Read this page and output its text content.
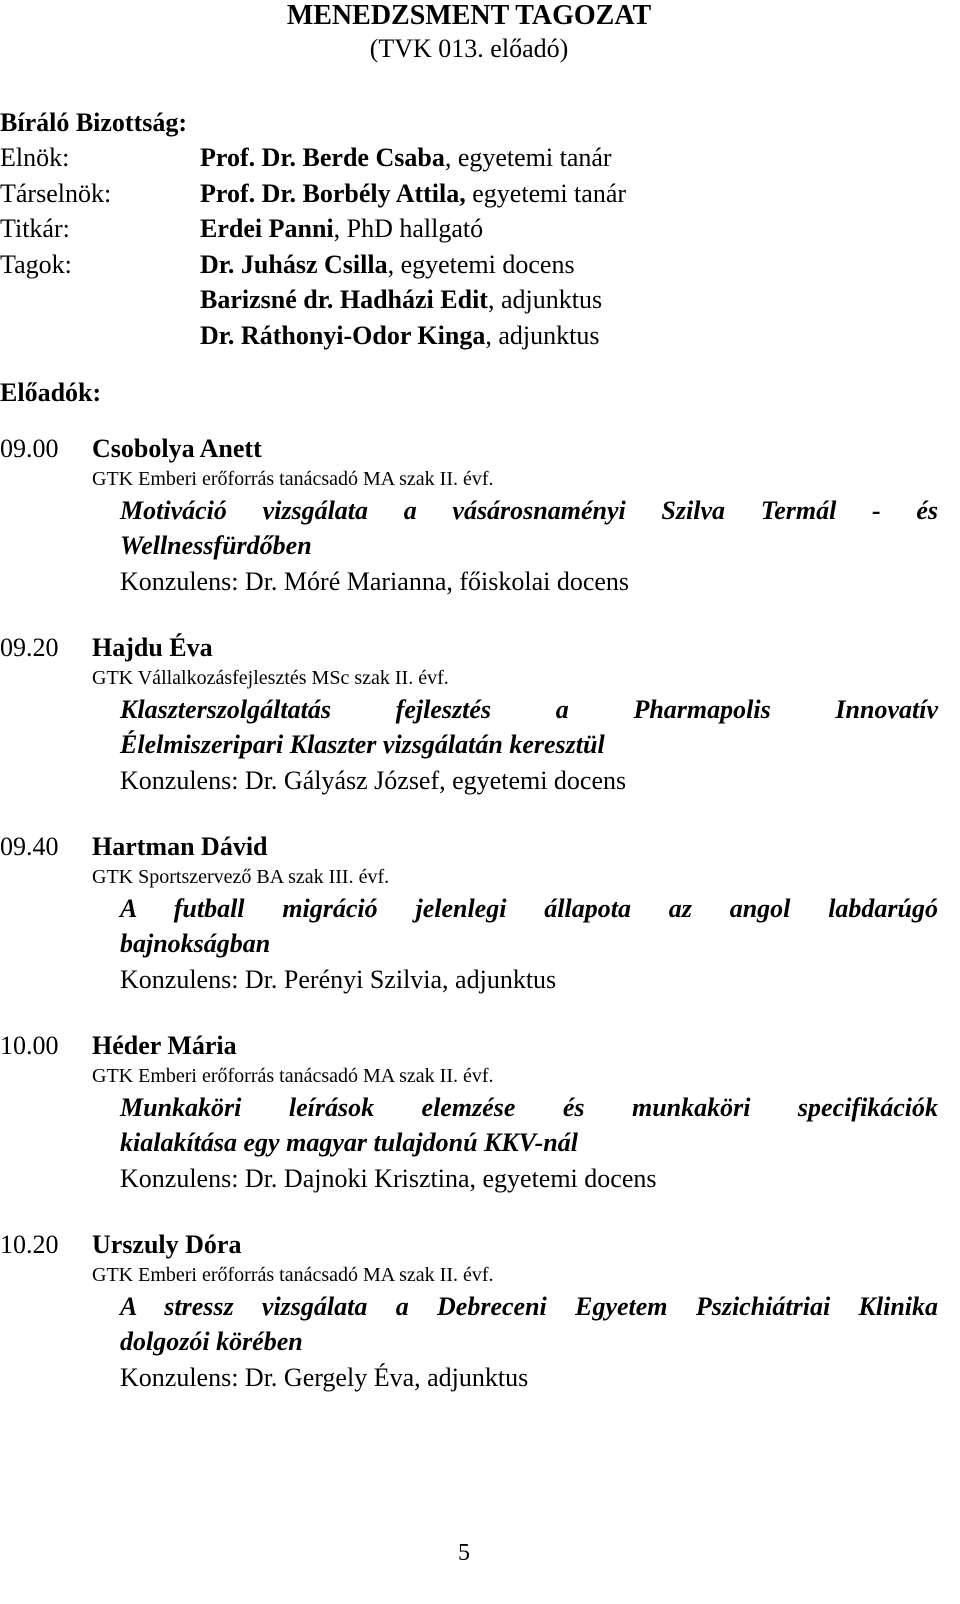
MENEDZSMENT TAGOZAT
(TVK 013. előadó)
Bíráló Bizottság:
Elnök:	Prof. Dr. Berde Csaba, egyetemi tanár
Társelnök:	Prof. Dr. Borbély Attila, egyetemi tanár
Titkár:	Erdei Panni, PhD hallgató
Tagok:	Dr. Juhász Csilla, egyetemi docens
Barizsné dr. Hadházi Edit, adjunktus
Dr. Ráthonyi-Odor Kinga, adjunktus
Előadók:
09.00 Csobolya Anett
GTK Emberi erőforrás tanácsadó MA szak II. évf.
Motiváció vizsgálata a vásárosnaményi Szilva Termál - és
Wellnessfürdőben
Konzulens: Dr. Móré Marianna, főiskolai docens
09.20 Hajdu Éva
GTK Vállalkozásfejlesztés MSc szak II. évf.
Klaszterszolgáltatás fejlesztés a Pharmapolis Innovatív
Élelmiszeripari Klaszter vizsgálatán keresztül
Konzulens: Dr. Gályász József, egyetemi docens
09.40 Hartman Dávid
GTK Sportszervező BA szak III. évf.
A futball migráció jelenlegi állapota az angol labdarúgó
bajnokságban
Konzulens: Dr. Perényi Szilvia, adjunktus
10.00 Héder Mária
GTK Emberi erőforrás tanácsadó MA szak II. évf.
Munkaköri leírások elemzése és munkaköri specifikációk
kialakítása egy magyar tulajdonú KKV-nál
Konzulens: Dr. Dajnoki Krisztina, egyetemi docens
10.20 Urszuly Dóra
GTK Emberi erőforrás tanácsadó MA szak II. évf.
A stressz vizsgálata a Debreceni Egyetem Pszichiátriai Klinika
dolgozói körében
Konzulens: Dr. Gergely Éva, adjunktus
5
